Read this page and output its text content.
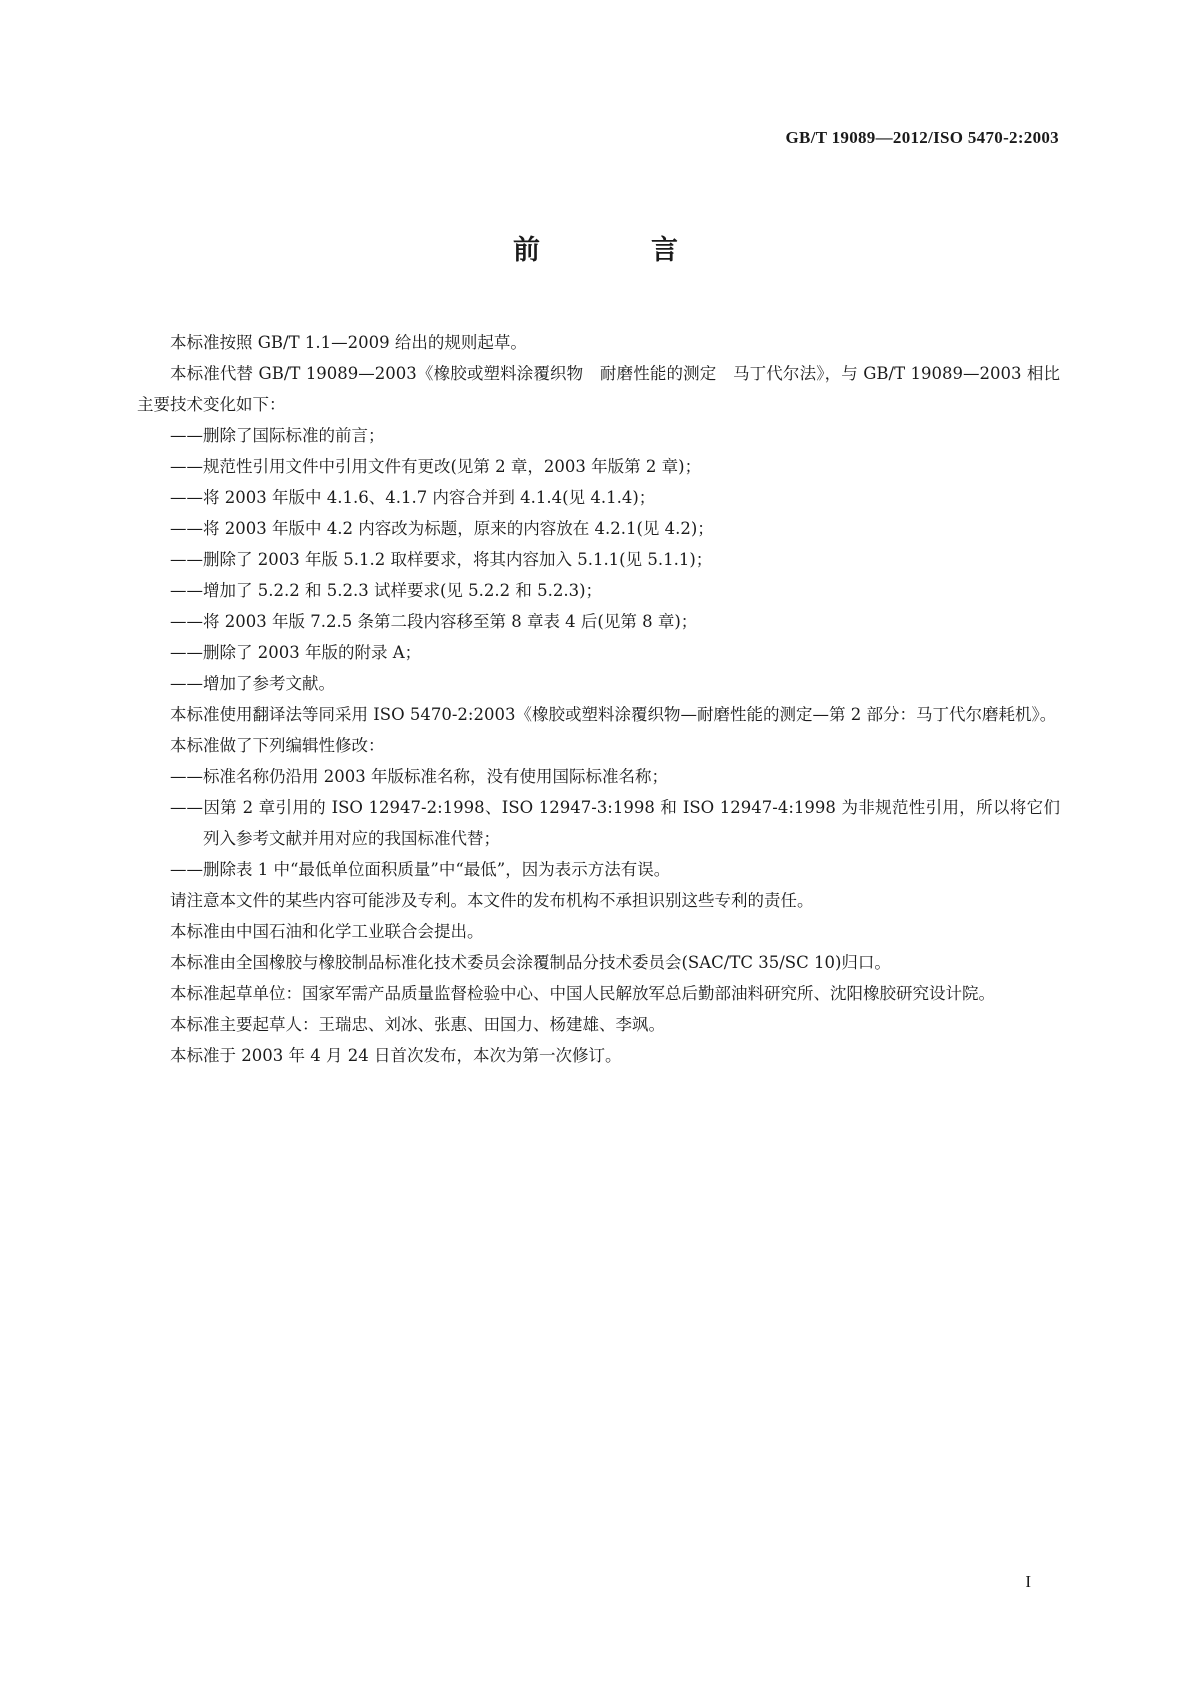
GB/T 19089—2012/ISO 5470-2:2003
前　言

本标准按照 GB/T 1.1—2009 给出的规则起草。

本标准代替 GB/T 19089—2003《橡胶或塑料涂覆织物　耐磨性能的测定　马丁代尔法》，与 GB/T 19089—2003 相比主要技术变化如下：

——删除了国际标准的前言；

——规范性引用文件中引用文件有更改(见第 2 章，2003 年版第 2 章)；

——将 2003 年版中 4.1.6、4.1.7 内容合并到 4.1.4(见 4.1.4)；

——将 2003 年版中 4.2 内容改为标题，原来的内容放在 4.2.1(见 4.2)；

——删除了 2003 年版 5.1.2 取样要求，将其内容加入 5.1.1(见 5.1.1)；

——增加了 5.2.2 和 5.2.3 试样要求(见 5.2.2 和 5.2.3)；

——将 2003 年版 7.2.5 条第二段内容移至第 8 章表 4 后(见第 8 章)；

——删除了 2003 年版的附录 A；

——增加了参考文献。

本标准使用翻译法等同采用 ISO 5470-2:2003《橡胶或塑料涂覆织物—耐磨性能的测定—第 2 部分：马丁代尔磨耗机》。

本标准做了下列编辑性修改：

——标准名称仍沿用 2003 年版标准名称，没有使用国际标准名称；

——因第 2 章引用的 ISO 12947-2:1998、ISO 12947-3:1998 和 ISO 12947-4:1998 为非规范性引用，所以将它们列入参考文献并用对应的我国标准代替；

——删除表 1 中“最低单位面积质量”中“最低”，因为表示方法有误。

请注意本文件的某些内容可能涉及专利。本文件的发布机构不承担识别这些专利的责任。

本标准由中国石油和化学工业联合会提出。

本标准由全国橡胶与橡胶制品标准化技术委员会涂覆制品分技术委员会(SAC/TC 35/SC 10)归口。

本标准起草单位：国家军需产品质量监督检验中心、中国人民解放军总后勤部油料研究所、沈阳橡胶研究设计院。

本标准主要起草人：王瑞忠、刘冰、张惠、田国力、杨建雄、李飒。

本标准于 2003 年 4 月 24 日首次发布，本次为第一次修订。

I
